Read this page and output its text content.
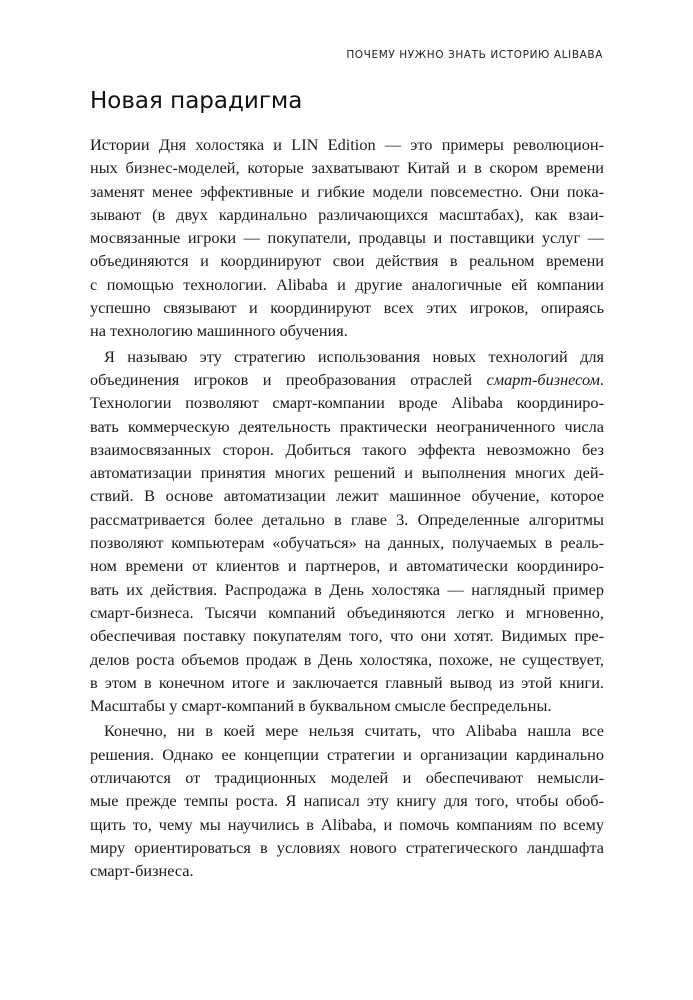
ПОЧЕМУ НУЖНО ЗНАТЬ ИСТОРИЮ ALIBABA
Новая парадигма

Истории Дня холостяка и LIN Edition — это примеры революцион-
ных бизнес-моделей, которые захватывают Китай и в скором времени
заменят менее эффективные и гибкие модели повсеместно. Они пока-
зывают (в двух кардинально различающихся масштабах), как взаи-
мосвязанные игроки — покупатели, продавцы и поставщики услуг —
объединяются и координируют свои действия в реальном времени
с помощью технологии. Alibaba и другие аналогичные ей компании
успешно связывают и координируют всех этих игроков, опираясь
на технологию машинного обучения.

Я называю эту стратегию использования новых технологий для
объединения игроков и преобразования отраслей смарт-бизнесом.
Технологии позволяют смарт-компании вроде Alibaba координиро-
вать коммерческую деятельность практически неограниченного числа
взаимосвязанных сторон. Добиться такого эффекта невозможно без
автоматизации принятия многих решений и выполнения многих дей-
ствий. В основе автоматизации лежит машинное обучение, которое
рассматривается более детально в главе 3. Определенные алгоритмы
позволяют компьютерам «обучаться» на данных, получаемых в реаль-
ном времени от клиентов и партнеров, и автоматически координиро-
вать их действия. Распродажа в День холостяка — наглядный пример
смарт-бизнеса. Тысячи компаний объединяются легко и мгновенно,
обеспечивая поставку покупателям того, что они хотят. Видимых пре-
делов роста объемов продаж в День холостяка, похоже, не существует,
в этом в конечном итоге и заключается главный вывод из этой книги.
Масштабы у смарт-компаний в буквальном смысле беспредельны.

Конечно, ни в коей мере нельзя считать, что Alibaba нашла все
решения. Однако ее концепции стратегии и организации кардинально
отличаются от традиционных моделей и обеспечивают немысли-
мые прежде темпы роста. Я написал эту книгу для того, чтобы обоб-
щить то, чему мы научились в Alibaba, и помочь компаниям по всему
миру ориентироваться в условиях нового стратегического ландшафта
смарт-бизнеса.
